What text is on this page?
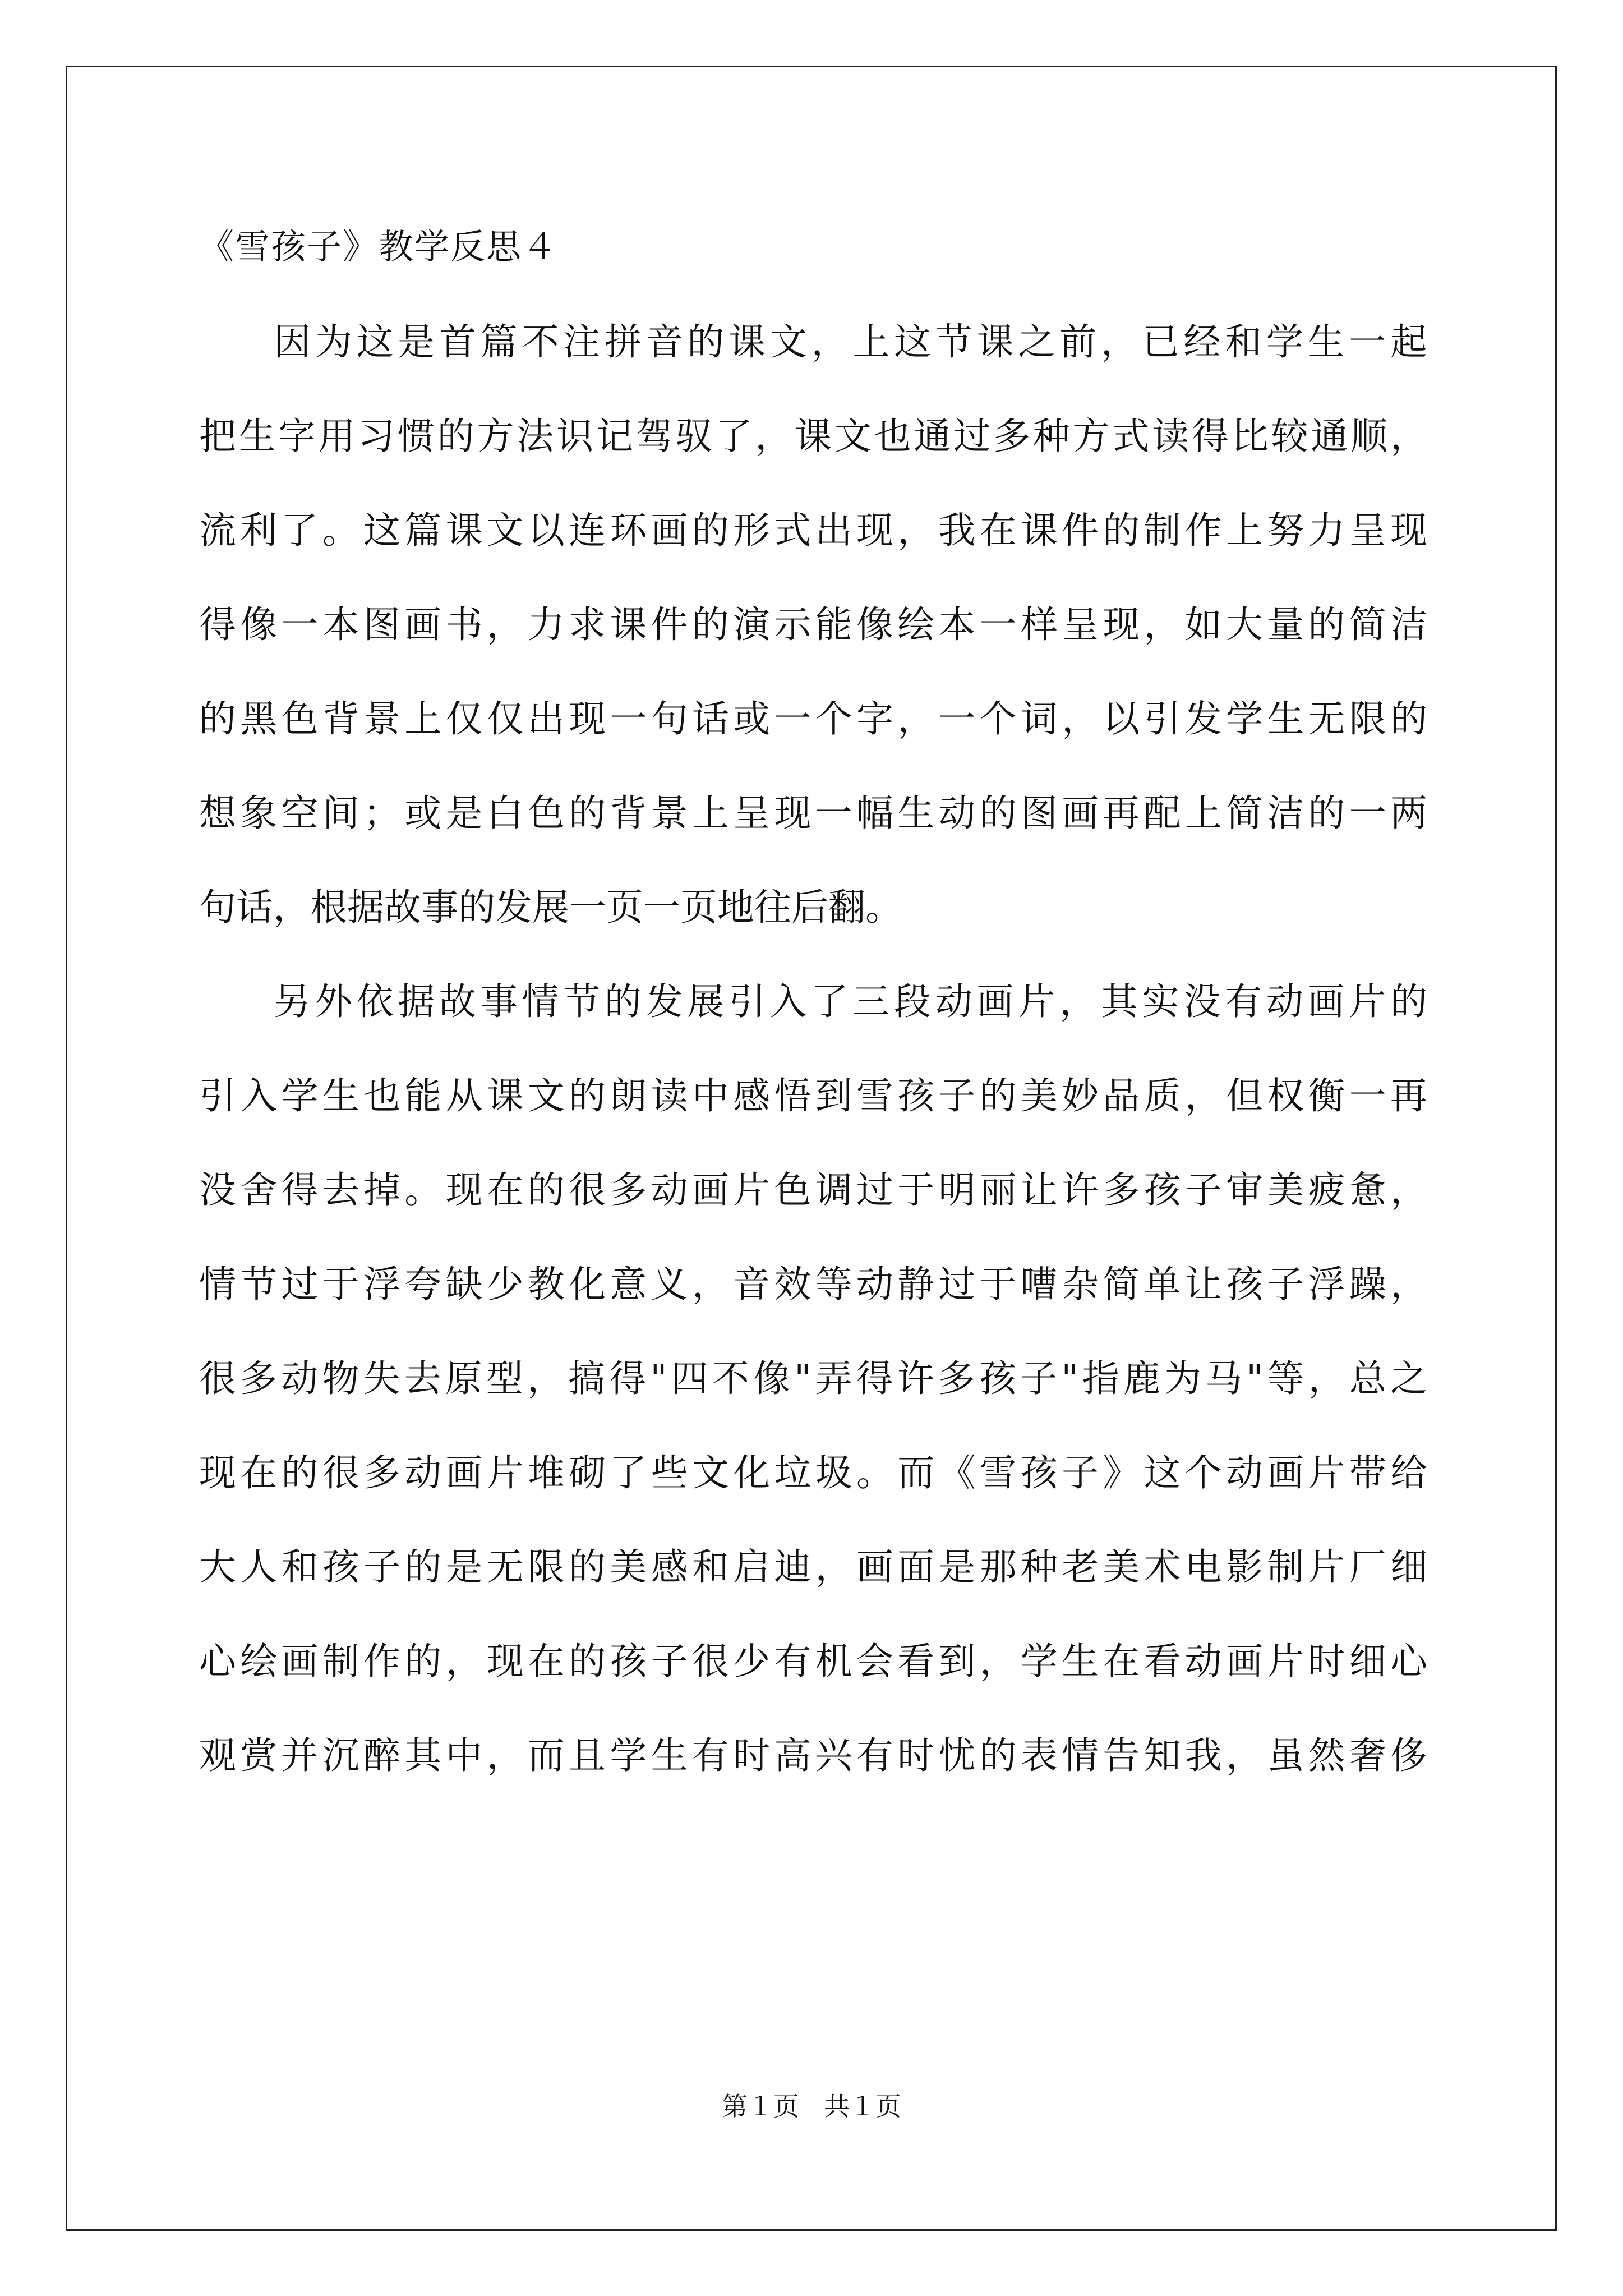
《雪孩子》教学反思４

因为这是首篇不注拼音的课文，上这节课之前，已经和学生一起

把生字用习惯的方法识记驾驭了，课文也通过多种方式读得比较通顺，

流利了。这篇课文以连环画的形式出现，我在课件的制作上努力呈现

得像一本图画书，力求课件的演示能像绘本一样呈现，如大量的简洁

的黑色背景上仅仅出现一句话或一个字，一个词，以引发学生无限的

想象空间；或是白色的背景上呈现一幅生动的图画再配上简洁的一两

句话，根据故事的发展一页一页地往后翻。

另外依据故事情节的发展引入了三段动画片，其实没有动画片的

引入学生也能从课文的朗读中感悟到雪孩子的美妙品质，但权衡一再

没舍得去掉。现在的很多动画片色调过于明丽让许多孩子审美疲惫，

情节过于浮夸缺少教化意义，音效等动静过于嘈杂简单让孩子浮躁，

很多动物失去原型，搞得"四不像"弄得许多孩子"指鹿为马"等，总之

现在的很多动画片堆砌了些文化垃圾。而《雪孩子》这个动画片带给

大人和孩子的是无限的美感和启迪，画面是那种老美术电影制片厂细

心绘画制作的，现在的孩子很少有机会看到，学生在看动画片时细心

观赏并沉醉其中，而且学生有时高兴有时忧的表情告知我，虽然奢侈

第１页 共１页
